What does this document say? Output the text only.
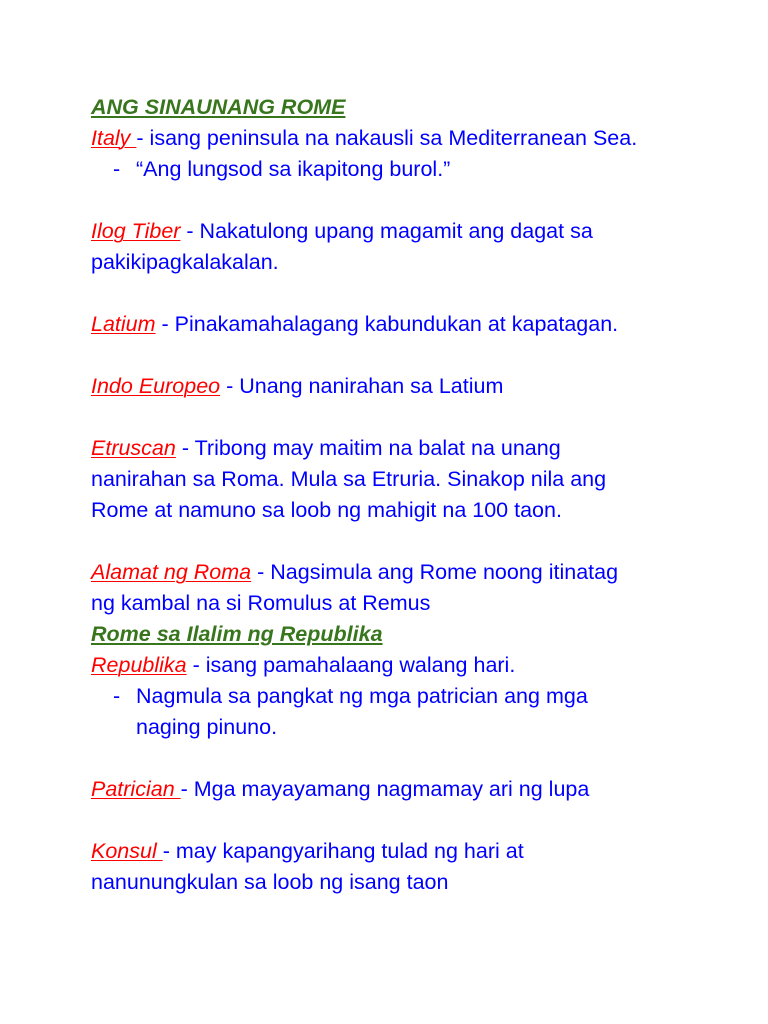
ANG SINAUNANG ROME
Italy - isang peninsula na nakausli sa Mediterranean Sea.
- “Ang lungsod sa ikapitong burol.”
Ilog Tiber - Nakatulong upang magamit ang dagat sa
pakikipagkalakalan.
Latium - Pinakamahalagang kabundukan at kapatagan.
Indo Europeo - Unang nanirahan sa Latium
Etruscan - Tribong may maitim na balat na unang
nanirahan sa Roma. Mula sa Etruria. Sinakop nila ang
Rome at namuno sa loob ng mahigit na 100 taon.
Alamat ng Roma - Nagsimula ang Rome noong itinatag
ng kambal na si Romulus at Remus
Rome sa Ilalim ng Republika
Republika - isang pamahalaang walang hari.
- Nagmula sa pangkat ng mga patrician ang mga
naging pinuno.
Patrician - Mga mayayamang nagmamay ari ng lupa
Konsul - may kapangyarihang tulad ng hari at
nanunungkulan sa loob ng isang taon
